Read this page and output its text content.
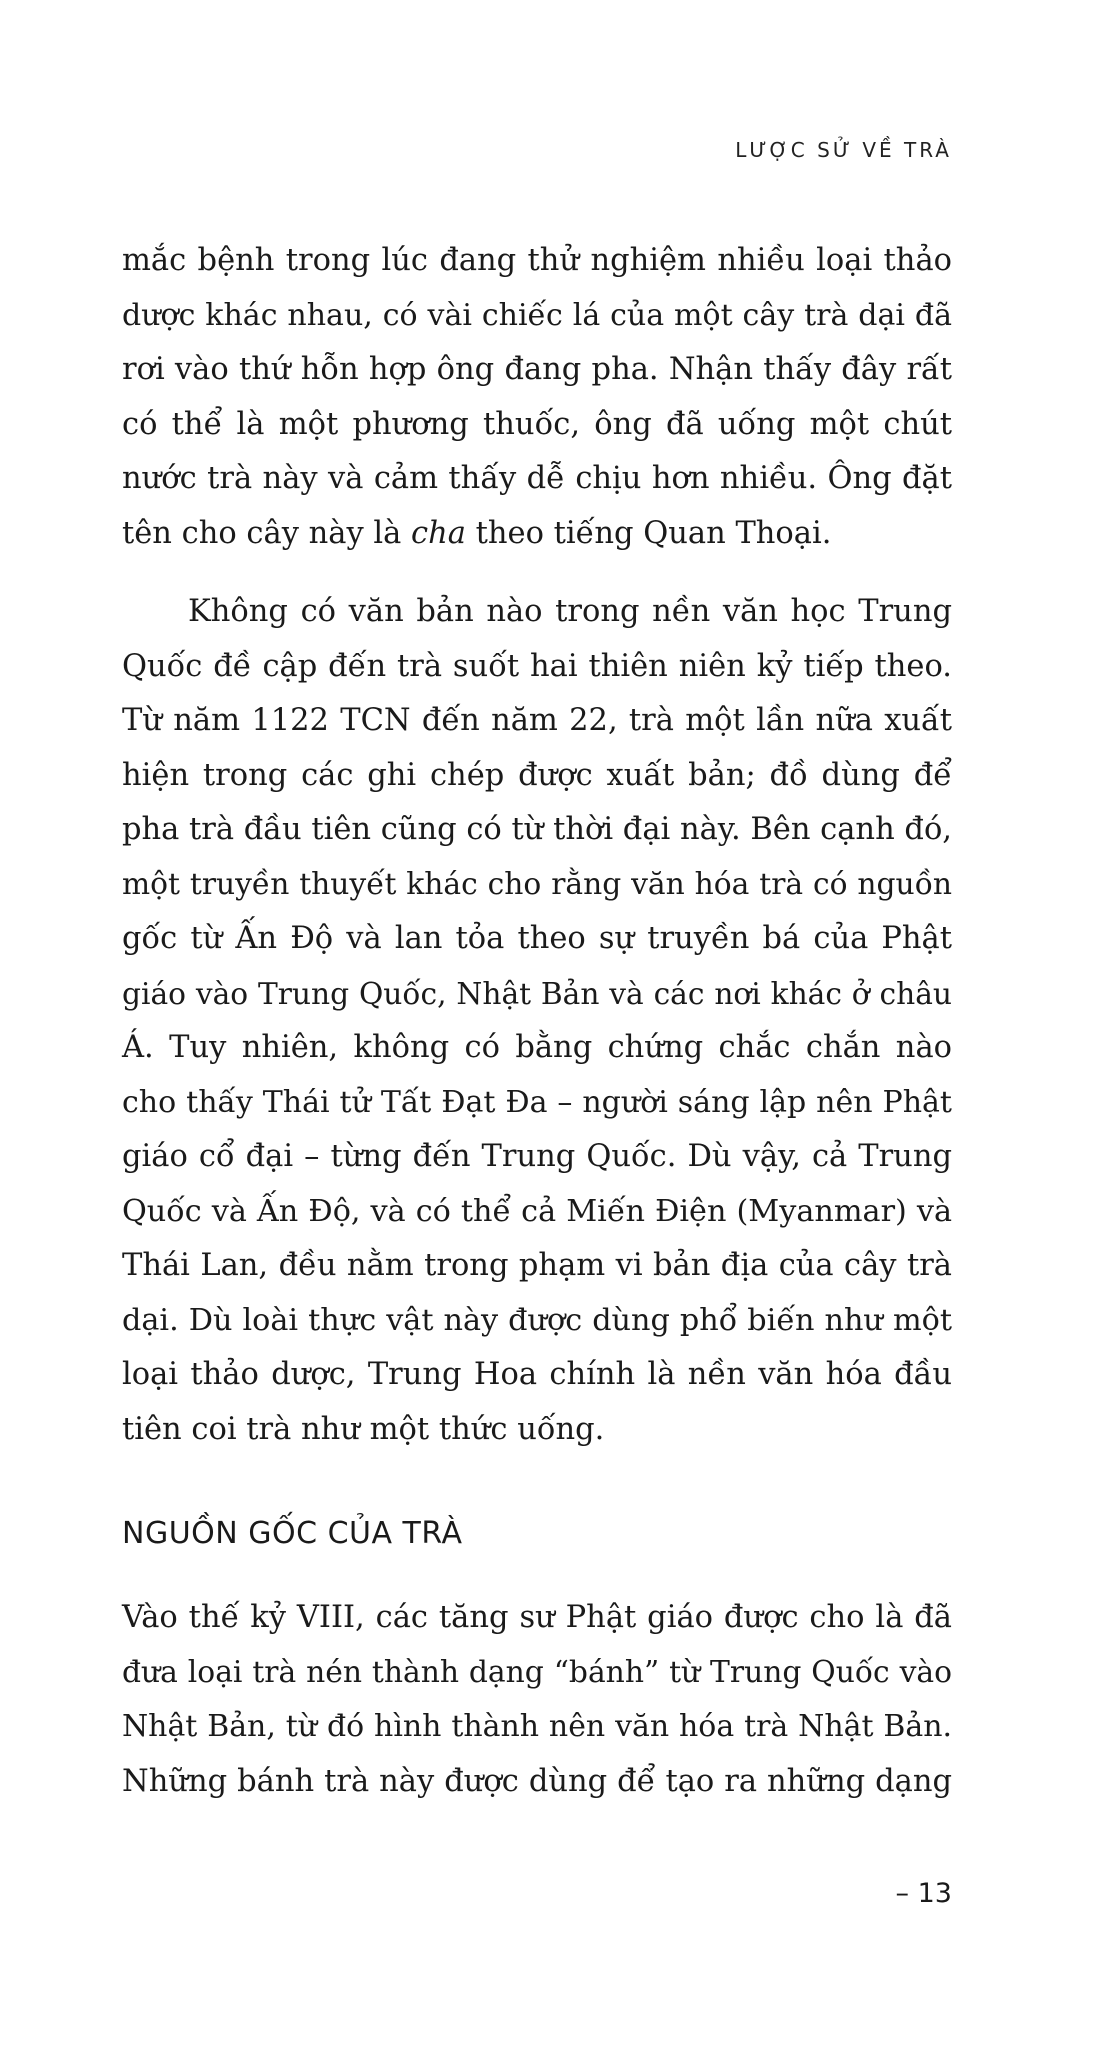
LƯỢC SỬ VỀ TRÀ
mắc bệnh trong lúc đang thử nghiệm nhiều loại thảo
dược khác nhau, có vài chiếc lá của một cây trà dại đã
rơi vào thứ hỗn hợp ông đang pha. Nhận thấy đây rất
có thể là một phương thuốc, ông đã uống một chút
nước trà này và cảm thấy dễ chịu hơn nhiều. Ông đặt
tên cho cây này là cha theo tiếng Quan Thoại.
Không có văn bản nào trong nền văn học Trung
Quốc đề cập đến trà suốt hai thiên niên kỷ tiếp theo.
Từ năm 1122 TCN đến năm 22, trà một lần nữa xuất
hiện trong các ghi chép được xuất bản; đồ dùng để
pha trà đầu tiên cũng có từ thời đại này. Bên cạnh đó,
một truyền thuyết khác cho rằng văn hóa trà có nguồn
gốc từ Ấn Độ và lan tỏa theo sự truyền bá của Phật
giáo vào Trung Quốc, Nhật Bản và các nơi khác ở châu
Á. Tuy nhiên, không có bằng chứng chắc chắn nào
cho thấy Thái tử Tất Đạt Đa – người sáng lập nên Phật
giáo cổ đại – từng đến Trung Quốc. Dù vậy, cả Trung
Quốc và Ấn Độ, và có thể cả Miến Điện (Myanmar) và
Thái Lan, đều nằm trong phạm vi bản địa của cây trà
dại. Dù loài thực vật này được dùng phổ biến như một
loại thảo dược, Trung Hoa chính là nền văn hóa đầu
tiên coi trà như một thức uống.
NGUỒN GỐC CỦA TRÀ
Vào thế kỷ VIII, các tăng sư Phật giáo được cho là đã
đưa loại trà nén thành dạng “bánh” từ Trung Quốc vào
Nhật Bản, từ đó hình thành nên văn hóa trà Nhật Bản.
Những bánh trà này được dùng để tạo ra những dạng
– 13
